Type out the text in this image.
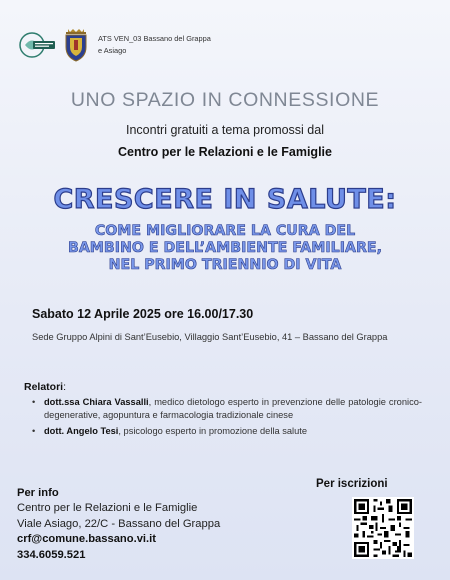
ATS VEN_03 Bassano del Grappa
e Asiago
UNO SPAZIO IN CONNESSIONE
Incontri gratuiti a tema promossi dal
Centro per le Relazioni e le Famiglie
CRESCERE IN SALUTE:
COME MIGLIORARE LA CURA DEL
BAMBINO E DELL’AMBIENTE FAMILIARE,
NEL PRIMO TRIENNIO DI VITA
Sabato 12 Aprile 2025 ore 16.00/17.30
Sede Gruppo Alpini di Sant’Eusebio, Villaggio Sant’Eusebio, 41 – Bassano del Grappa
Relatori:
• dott.ssa Chiara Vassalli, medico dietologo esperto in prevenzione delle patologie cronico-degenerative, agopuntura e farmacologia tradizionale cinese
• dott. Angelo Tesi, psicologo esperto in promozione della salute
Per info
Centro per le Relazioni e le Famiglie
Viale Asiago, 22/C - Bassano del Grappa
crf@comune.bassano.vi.it
334.6059.521
Per iscrizioni
